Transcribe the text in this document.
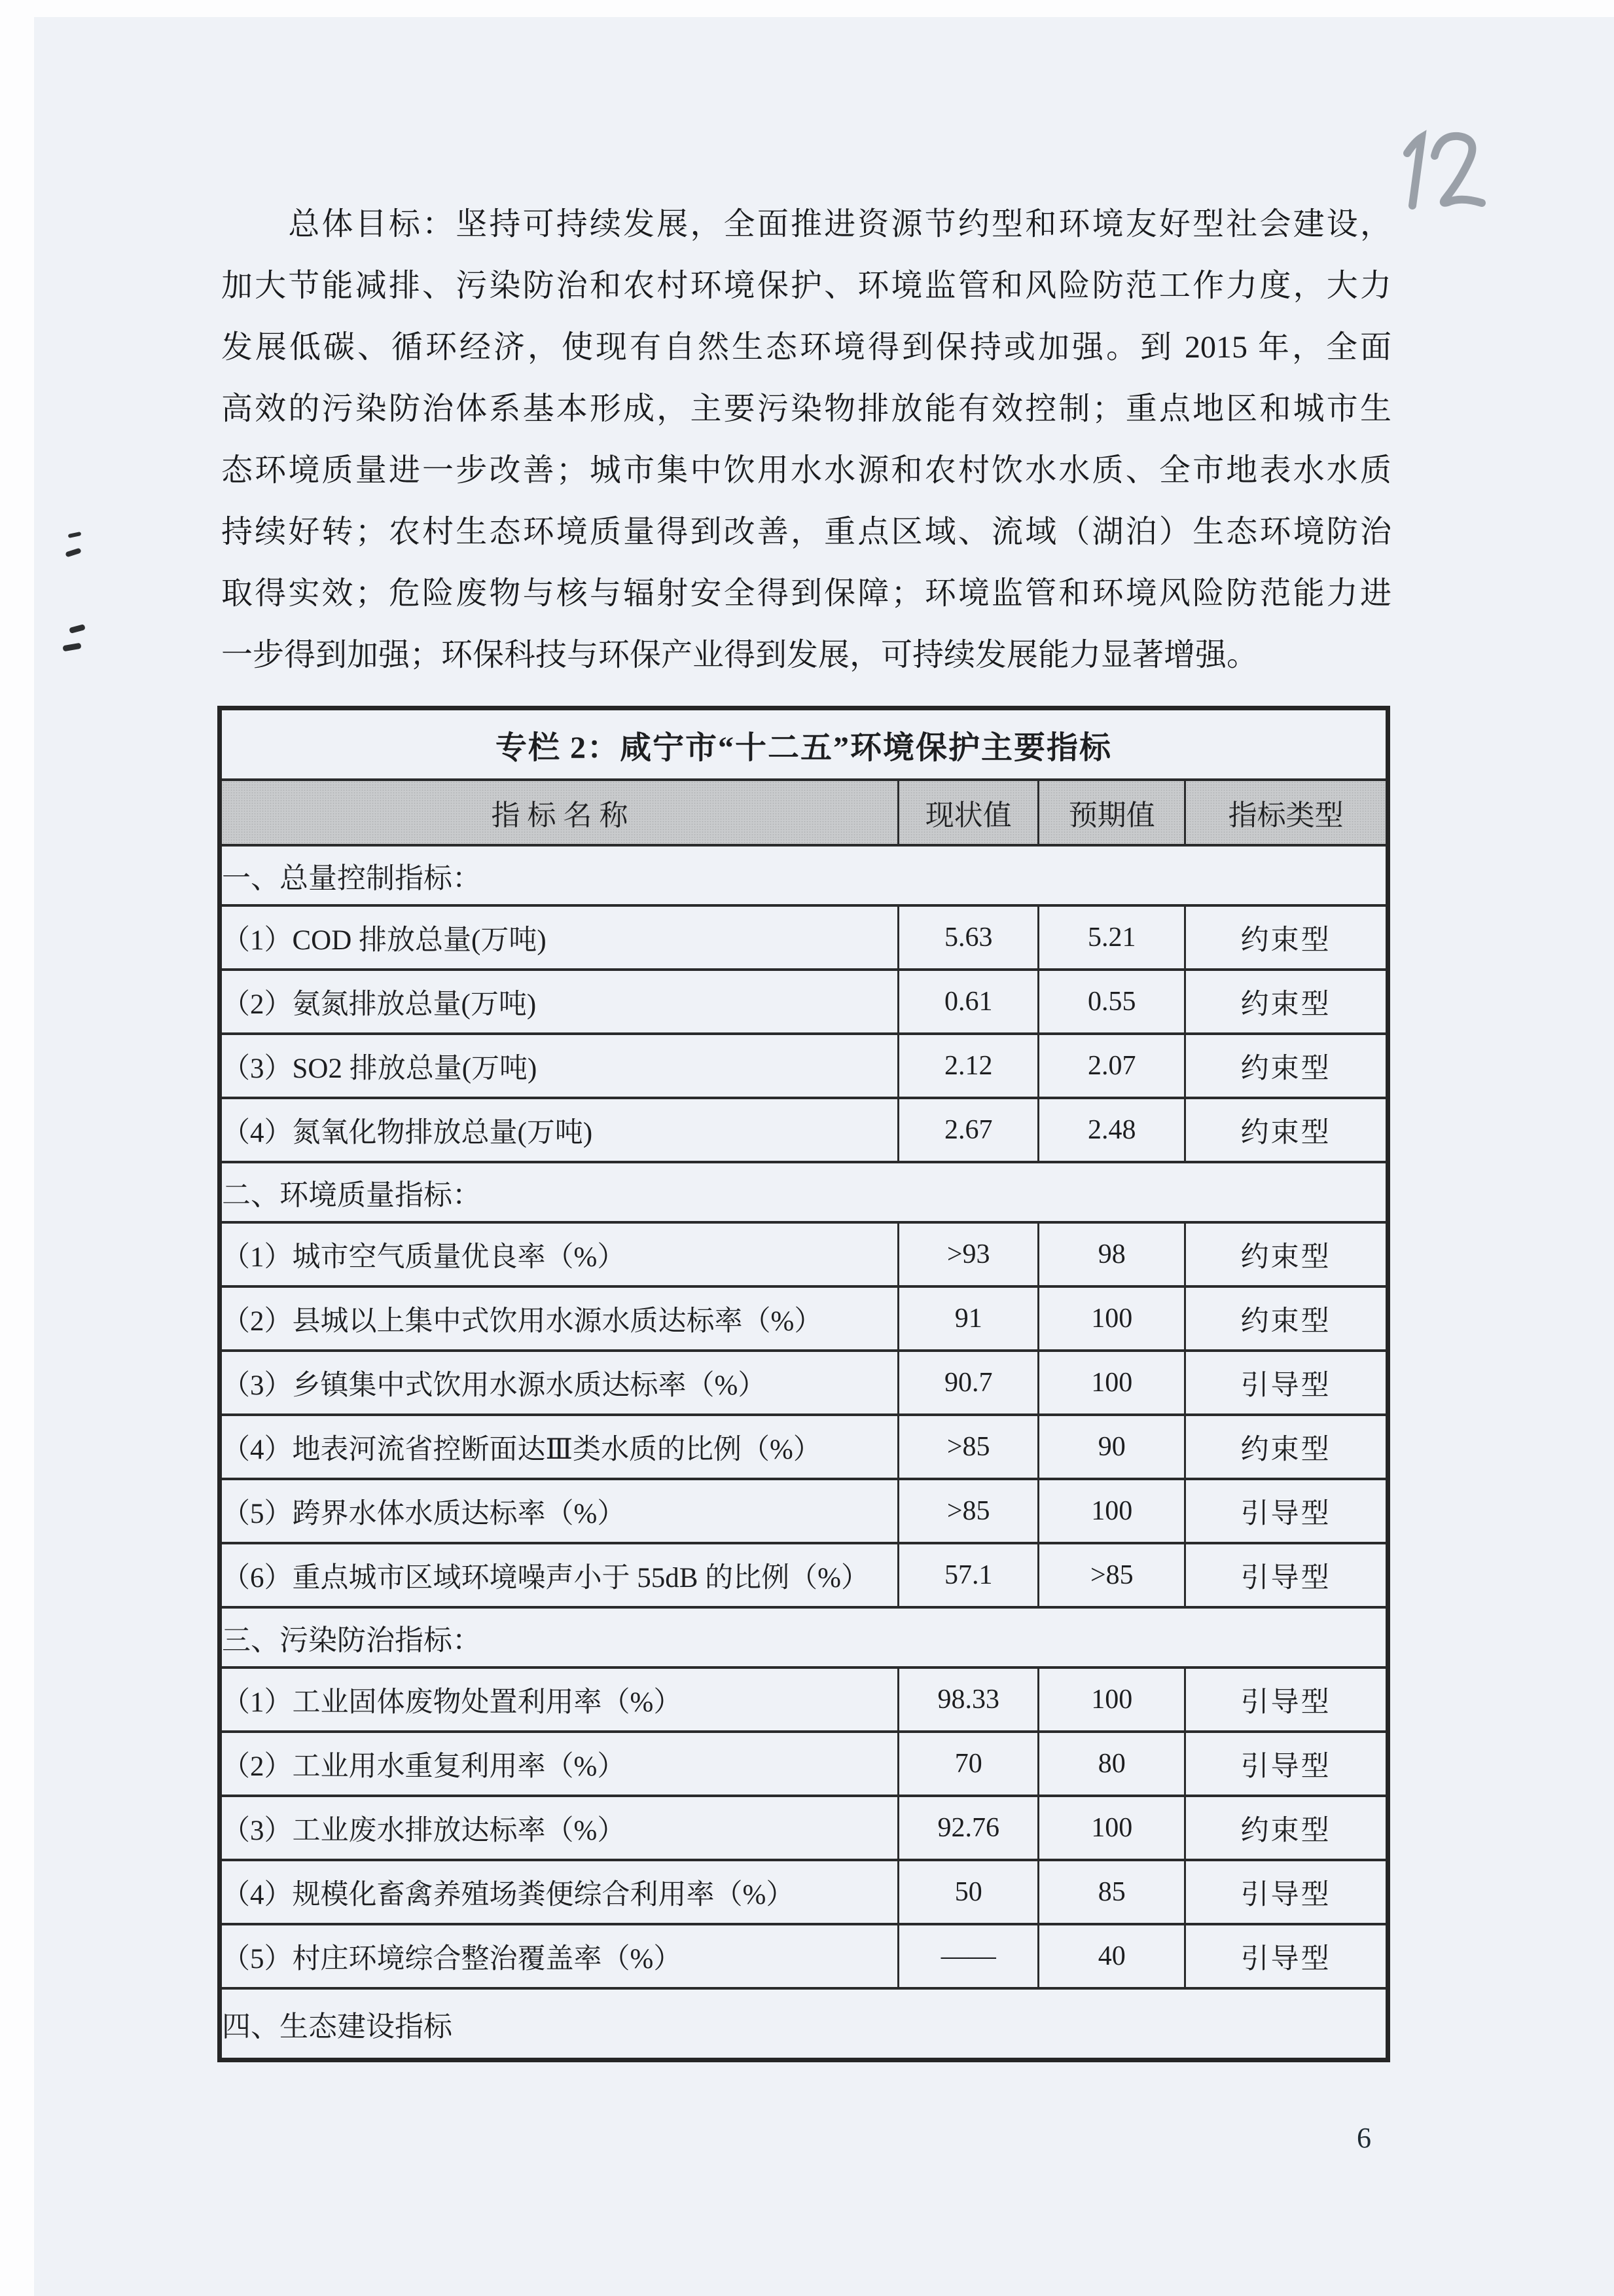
　　总体目标：坚持可持续发展，全面推进资源节约型和环境友好型社会建设，
加大节能减排、污染防治和农村环境保护、环境监管和风险防范工作力度，大力
发展低碳、循环经济，使现有自然生态环境得到保持或加强。到 2015 年，全面
高效的污染防治体系基本形成，主要污染物排放能有效控制；重点地区和城市生
态环境质量进一步改善；城市集中饮用水水源和农村饮水水质、全市地表水水质
持续好转；农村生态环境质量得到改善，重点区域、流域（湖泊）生态环境防治
取得实效；危险废物与核与辐射安全得到保障；环境监管和环境风险防范能力进
一步得到加强；环保科技与环保产业得到发展，可持续发展能力显著增强。
专栏 2：咸宁市“十二五”环境保护主要指标			
指 标 名 称	现状值	预期值	指标类型
一、总量控制指标：			
（1）COD 排放总量(万吨)	5.63	5.21	约束型
（2）氨氮排放总量(万吨)	0.61	0.55	约束型
（3）SO2 排放总量(万吨)	2.12	2.07	约束型
（4）氮氧化物排放总量(万吨)	2.67	2.48	约束型
二、环境质量指标：			
（1）城市空气质量优良率（%）	>93	98	约束型
（2）县城以上集中式饮用水源水质达标率（%）	91	100	约束型
（3）乡镇集中式饮用水源水质达标率（%）	90.7	100	引导型
（4）地表河流省控断面达Ⅲ类水质的比例（%）	>85	90	约束型
（5）跨界水体水质达标率（%）	>85	100	引导型
（6）重点城市区域环境噪声小于 55dB 的比例（%）	57.1	>85	引导型
三、污染防治指标：			
（1）工业固体废物处置利用率（%）	98.33	100	引导型
（2）工业用水重复利用率（%）	70	80	引导型
（3）工业废水排放达标率（%）	92.76	100	约束型
（4）规模化畜禽养殖场粪便综合利用率（%）	50	85	引导型
（5）村庄环境综合整治覆盖率（%）	——	40	引导型
四、生态建设指标			
6
